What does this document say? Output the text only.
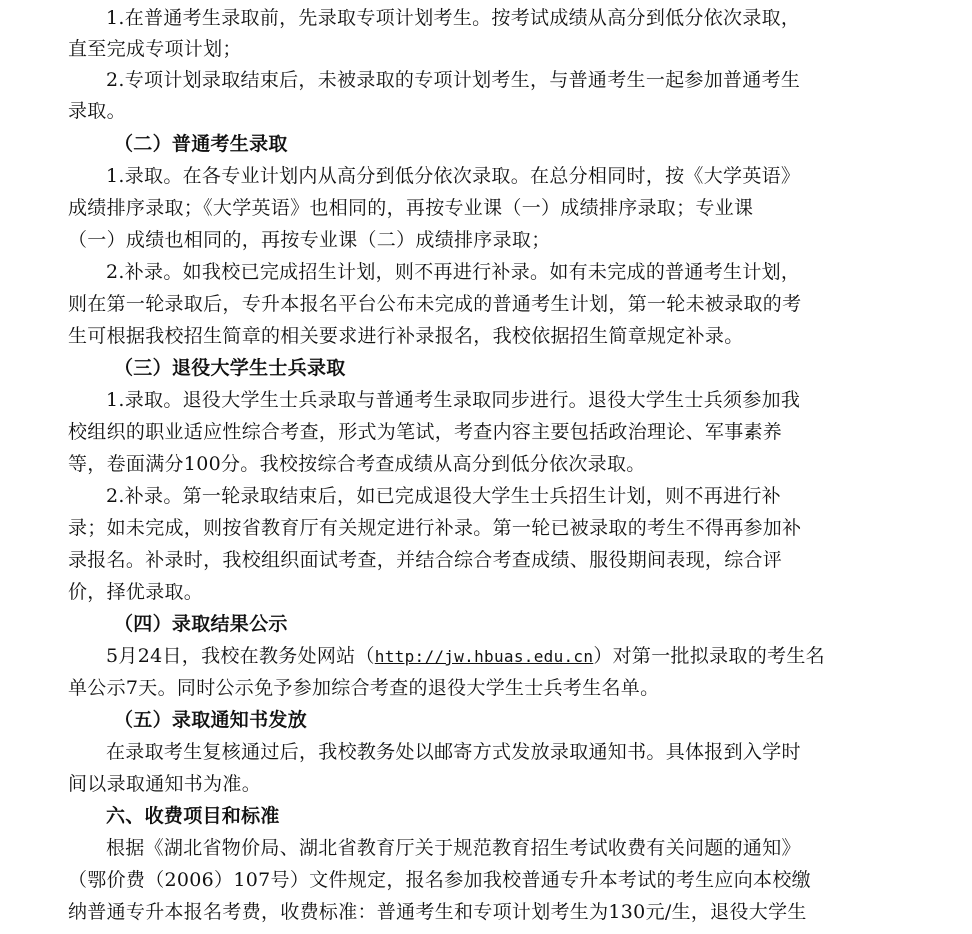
1.在普通考生录取前，先录取专项计划考生。按考试成绩从高分到低分依次录取，
直至完成专项计划；
2.专项计划录取结束后，未被录取的专项计划考生，与普通考生一起参加普通考生
录取。
（二）普通考生录取
1.录取。在各专业计划内从高分到低分依次录取。在总分相同时，按《大学英语》
成绩排序录取；《大学英语》也相同的，再按专业课（一）成绩排序录取；专业课
（一）成绩也相同的，再按专业课（二）成绩排序录取；
2.补录。如我校已完成招生计划，则不再进行补录。如有未完成的普通考生计划，
则在第一轮录取后，专升本报名平台公布未完成的普通考生计划，第一轮未被录取的考
生可根据我校招生简章的相关要求进行补录报名，我校依据招生简章规定补录。
（三）退役大学生士兵录取
1.录取。退役大学生士兵录取与普通考生录取同步进行。退役大学生士兵须参加我
校组织的职业适应性综合考查，形式为笔试，考查内容主要包括政治理论、军事素养
等，卷面满分100分。我校按综合考查成绩从高分到低分依次录取。
2.补录。第一轮录取结束后，如已完成退役大学生士兵招生计划，则不再进行补
录；如未完成，则按省教育厅有关规定进行补录。第一轮已被录取的考生不得再参加补
录报名。补录时，我校组织面试考查，并结合综合考查成绩、服役期间表现，综合评
价，择优录取。
（四）录取结果公示
5月24日，我校在教务处网站（http://jw.hbuas.edu.cn）对第一批拟录取的考生名
单公示7天。同时公示免予参加综合考查的退役大学生士兵考生名单。
（五）录取通知书发放
在录取考生复核通过后，我校教务处以邮寄方式发放录取通知书。具体报到入学时
间以录取通知书为准。
六、收费项目和标准
根据《湖北省物价局、湖北省教育厅关于规范教育招生考试收费有关问题的通知》
（鄂价费（2006）107号）文件规定，报名参加我校普通专升本考试的考生应向本校缴
纳普通专升本报名考费，收费标准：普通考生和专项计划考生为130元/生，退役大学生
